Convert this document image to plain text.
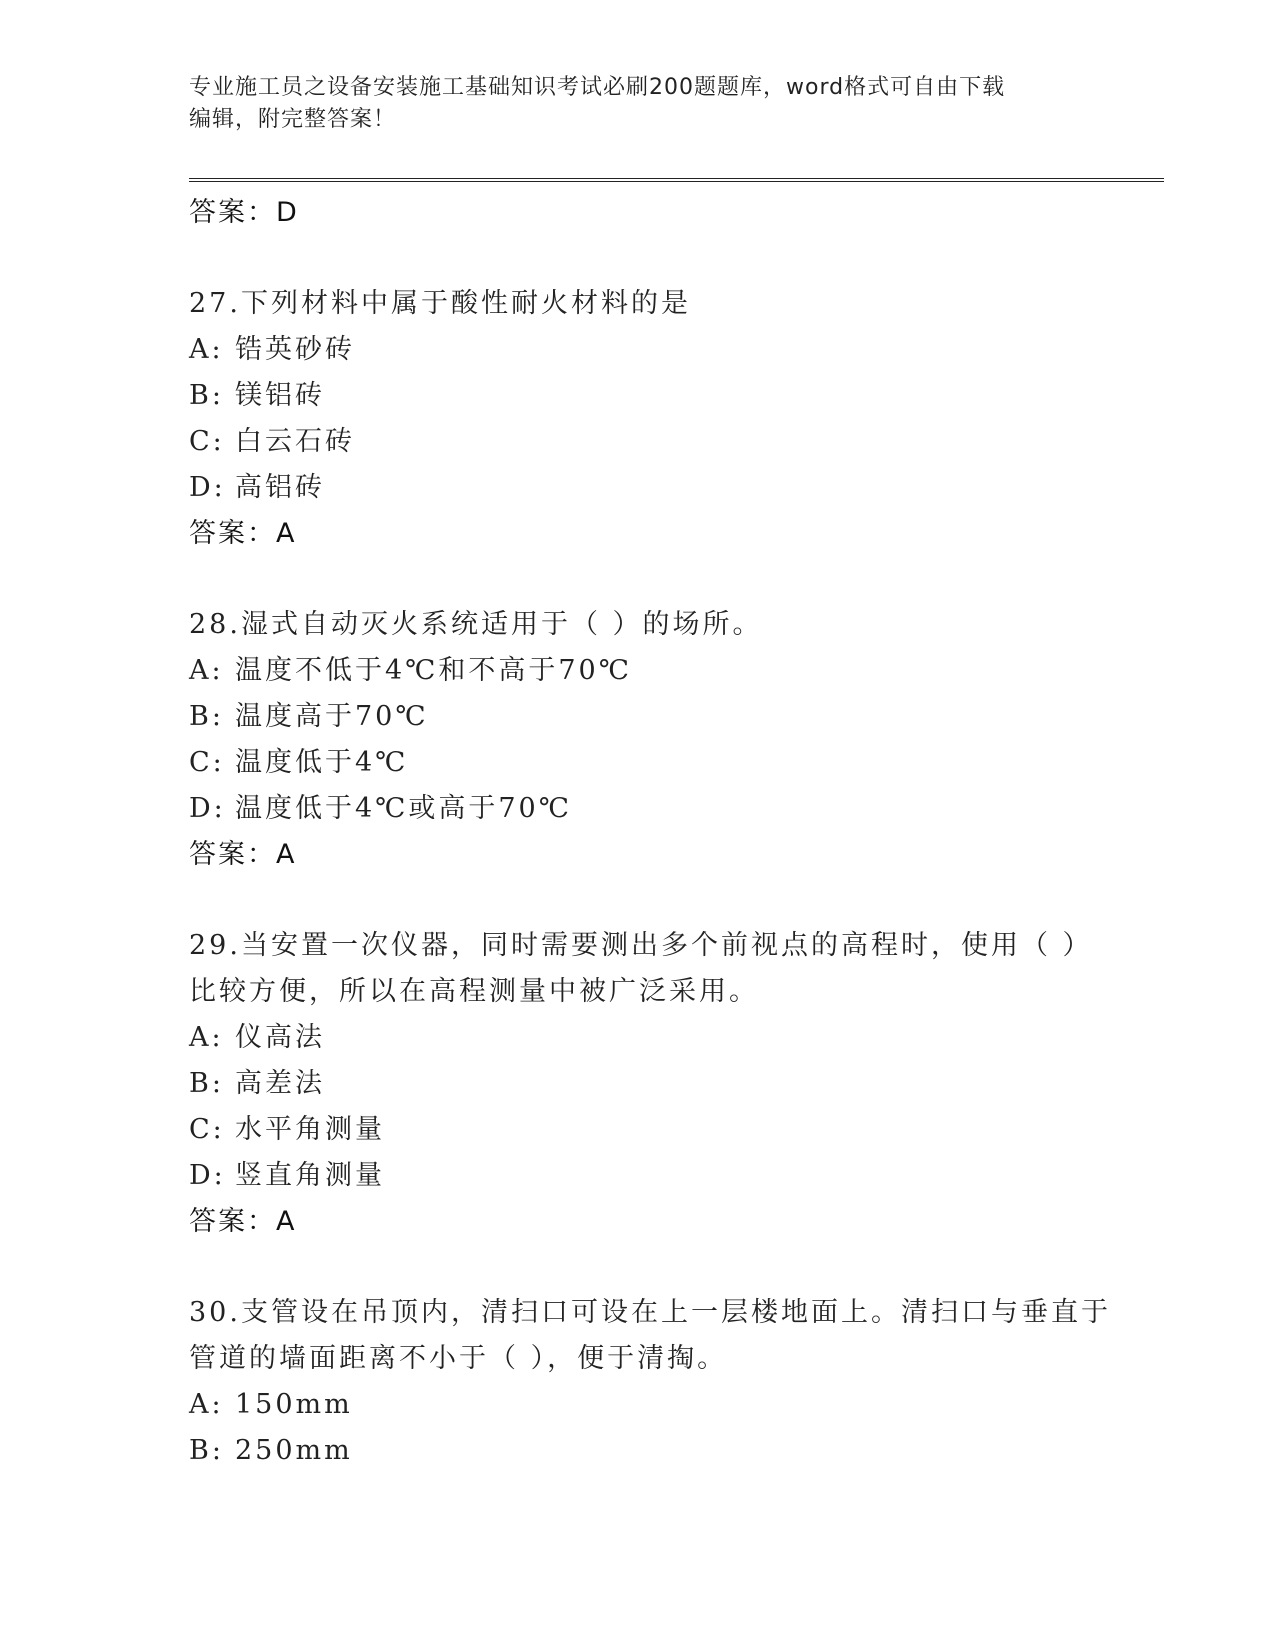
专业施工员之设备安装施工基础知识考试必刷200题题库，word格式可自由下载
编辑，附完整答案！
答案：D
27.下列材料中属于酸性耐火材料的是
A: 锆英砂砖
B: 镁铝砖
C: 白云石砖
D: 高铝砖
答案：A
28.湿式自动灭火系统适用于（ ）的场所。
A: 温度不低于4℃和不高于70℃
B: 温度高于70℃
C: 温度低于4℃
D: 温度低于4℃或高于70℃
答案：A
29.当安置一次仪器，同时需要测出多个前视点的高程时，使用（ ）
比较方便，所以在高程测量中被广泛采用。
A: 仪高法
B: 高差法
C: 水平角测量
D: 竖直角测量
答案：A
30.支管设在吊顶内，清扫口可设在上一层楼地面上。清扫口与垂直于
管道的墙面距离不小于（ ），便于清掏。
A: 150mm
B: 250mm
